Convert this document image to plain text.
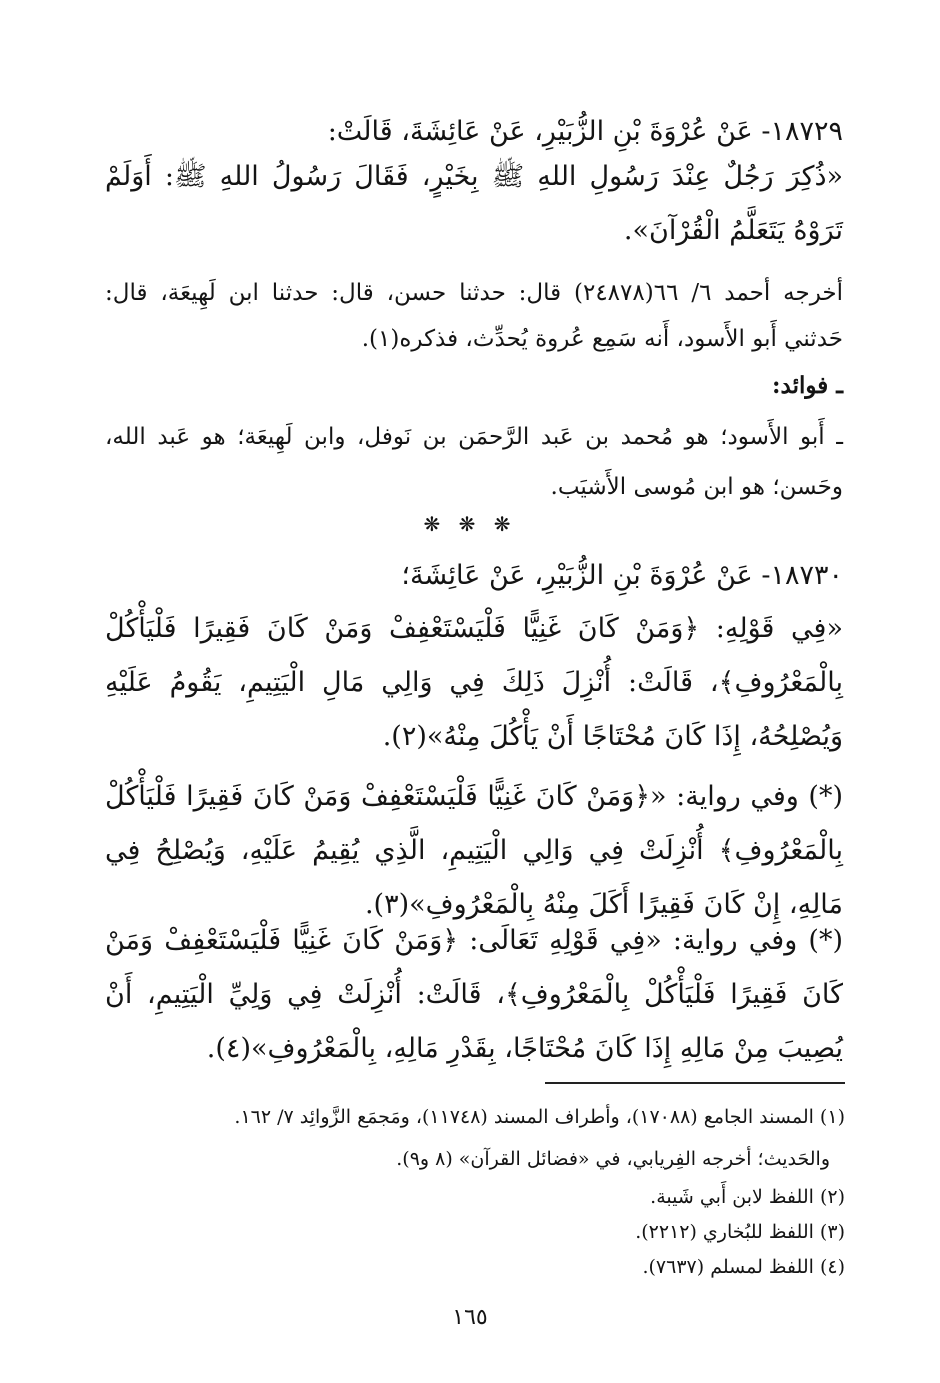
١٨٧٢٩- عَنْ عُرْوَةَ بْنِ الزُّبَيْرِ، عَنْ عَائِشَةَ، قَالَتْ:

«ذُكِرَ رَجُلٌ عِنْدَ رَسُولِ اللهِ ﷺ بِخَيْرٍ، فَقَالَ رَسُولُ اللهِ ﷺ: أَوَلَمْ تَرَوْهُ يَتَعَلَّمُ الْقُرْآنَ».

أخرجه أحمد ٦/ ٦٦(٢٤٨٧٨) قال: حدثنا حسن، قال: حدثنا ابن لَهِيعَة، قال: حَدثني أَبو الأَسود، أَنه سَمِع عُروة يُحدِّث، فذكره(١).

ـ فوائد:

ـ أَبو الأَسود؛ هو مُحمد بن عَبد الرَّحمَن بن نَوفل، وابن لَهِيعَة؛ هو عَبد الله، وحَسن؛ هو ابن مُوسى الأَشيَب.

❋ ❋ ❋

١٨٧٣٠- عَنْ عُرْوَةَ بْنِ الزُّبَيْرِ، عَنْ عَائِشَةَ؛

«فِي قَوْلِهِ: ﴿وَمَنْ كَانَ غَنِيًّا فَلْيَسْتَعْفِفْ وَمَنْ كَانَ فَقِيرًا فَلْيَأْكُلْ بِالْمَعْرُوفِ﴾، قَالَتْ: أُنْزِلَ ذَلِكَ فِي وَالِي مَالِ الْيَتِيمِ، يَقُومُ عَلَيْهِ وَيُصْلِحُهُ، إِذَا كَانَ مُحْتَاجًا أَنْ يَأْكُلَ مِنْهُ»(٢).

(*) وفي رواية: «﴿وَمَنْ كَانَ غَنِيًّا فَلْيَسْتَعْفِفْ وَمَنْ كَانَ فَقِيرًا فَلْيَأْكُلْ بِالْمَعْرُوفِ﴾ أُنْزِلَتْ فِي وَالِي الْيَتِيمِ، الَّذِي يُقِيمُ عَلَيْهِ، وَيُصْلِحُ فِي مَالِهِ، إِنْ كَانَ فَقِيرًا أَكَلَ مِنْهُ بِالْمَعْرُوفِ»(٣).

(*) وفي رواية: «فِي قَوْلِهِ تَعَالَى: ﴿وَمَنْ كَانَ غَنِيًّا فَلْيَسْتَعْفِفْ وَمَنْ كَانَ فَقِيرًا فَلْيَأْكُلْ بِالْمَعْرُوفِ﴾، قَالَتْ: أُنْزِلَتْ فِي وَلِيِّ الْيَتِيمِ، أَنْ يُصِيبَ مِنْ مَالِهِ إِذَا كَانَ مُحْتَاجًا، بِقَدْرِ مَالِهِ، بِالْمَعْرُوفِ»(٤).

(١) المسند الجامع (١٧٠٨٨)، وأطراف المسند (١١٧٤٨)، ومَجمَع الزَّوائِد ٧/ ١٦٢.

والحَديث؛ أخرجه الفِريابي، في «فضائل القرآن» (٨ و٩).

(٢) اللفظ لابن أَبي شَيبة.

(٣) اللفظ للبُخاري (٢٢١٢).

(٤) اللفظ لمسلم (٧٦٣٧).

١٦٥
